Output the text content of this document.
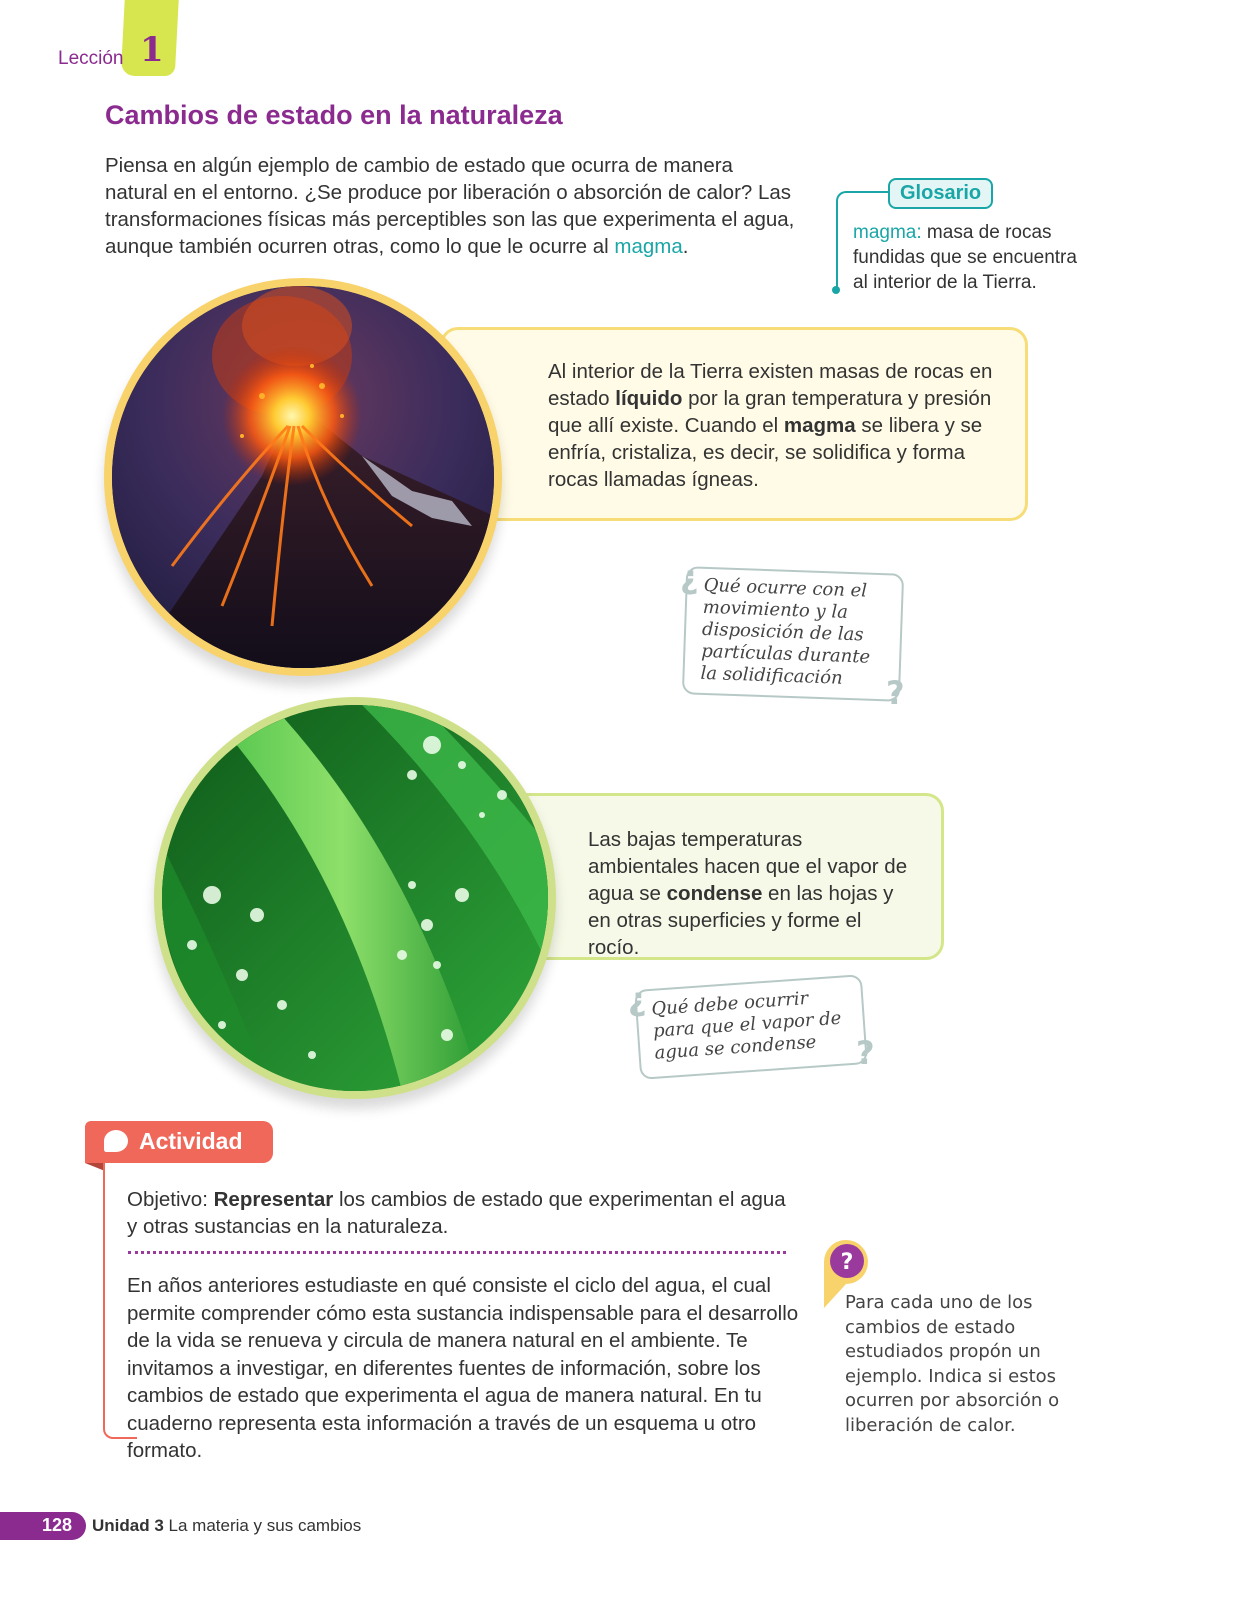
Lección 1
Cambios de estado en la naturaleza

Piensa en algún ejemplo de cambio de estado que ocurra de manera natural en el entorno. ¿Se produce por liberación o absorción de calor? Las transformaciones físicas más perceptibles son las que experimenta el agua, aunque también ocurren otras, como lo que le ocurre al magma.

Glosario

magma: masa de rocas fundidas que se encuentra al interior de la Tierra.

Al interior de la Tierra existen masas de rocas en estado líquido por la gran temperatura y presión que allí existe. Cuando el magma se libera y se enfría, cristaliza, es decir, se solidifica y forma rocas llamadas ígneas.

Qué ocurre con el movimiento y la disposición de las partículas durante la solidificación
¿
?

Las bajas temperaturas ambientales hacen que el vapor de agua se condense en las hojas y en otras superficies y forme el rocío.

Qué debe ocurrir para que el vapor de agua se condense
¿
?
Actividad

Objetivo: Representar los cambios de estado que experimentan el agua y otras sustancias en la naturaleza.

En años anteriores estudiaste en qué consiste el ciclo del agua, el cual permite comprender cómo esta sustancia indispensable para el desarrollo de la vida se renueva y circula de manera natural en el ambiente. Te invitamos a investigar, en diferentes fuentes de información, sobre los cambios de estado que experimenta el agua de manera natural. En tu cuaderno representa esta información a través de un esquema u otro formato.

?

Para cada uno de los cambios de estado estudiados propón un ejemplo. Indica si estos ocurren por absorción o liberación de calor.

128 Unidad 3 La materia y sus cambios
